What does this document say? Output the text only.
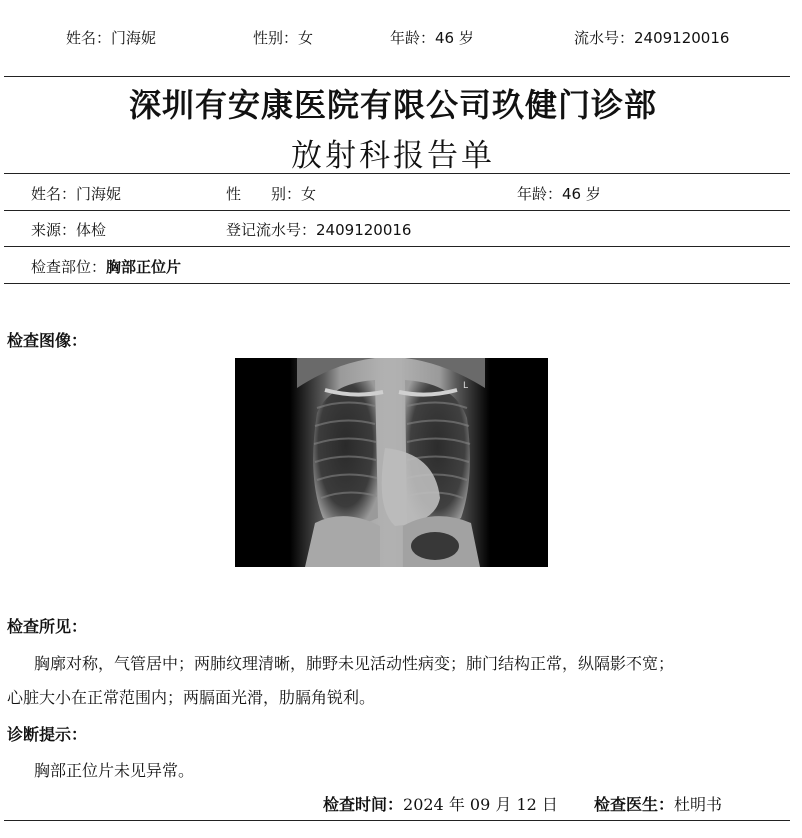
姓名：门海妮	性别：女	年龄：46 岁	流水号：2409120016
深圳有安康医院有限公司玖健门诊部
放射科报告单
姓名：门海妮	性　　别：女	年龄：46 岁
来源：体检	登记流水号：2409120016
检查部位：胸部正位片
检查图像：
L
检查所见：
胸廓对称，气管居中；两肺纹理清晰，肺野未见活动性病变；肺门结构正常，纵隔影不宽；
心脏大小在正常范围内；两膈面光滑，肋膈角锐利。
诊断提示：
胸部正位片未见异常。
检查时间：2024 年 09 月 12 日 检查医生：杜明书
